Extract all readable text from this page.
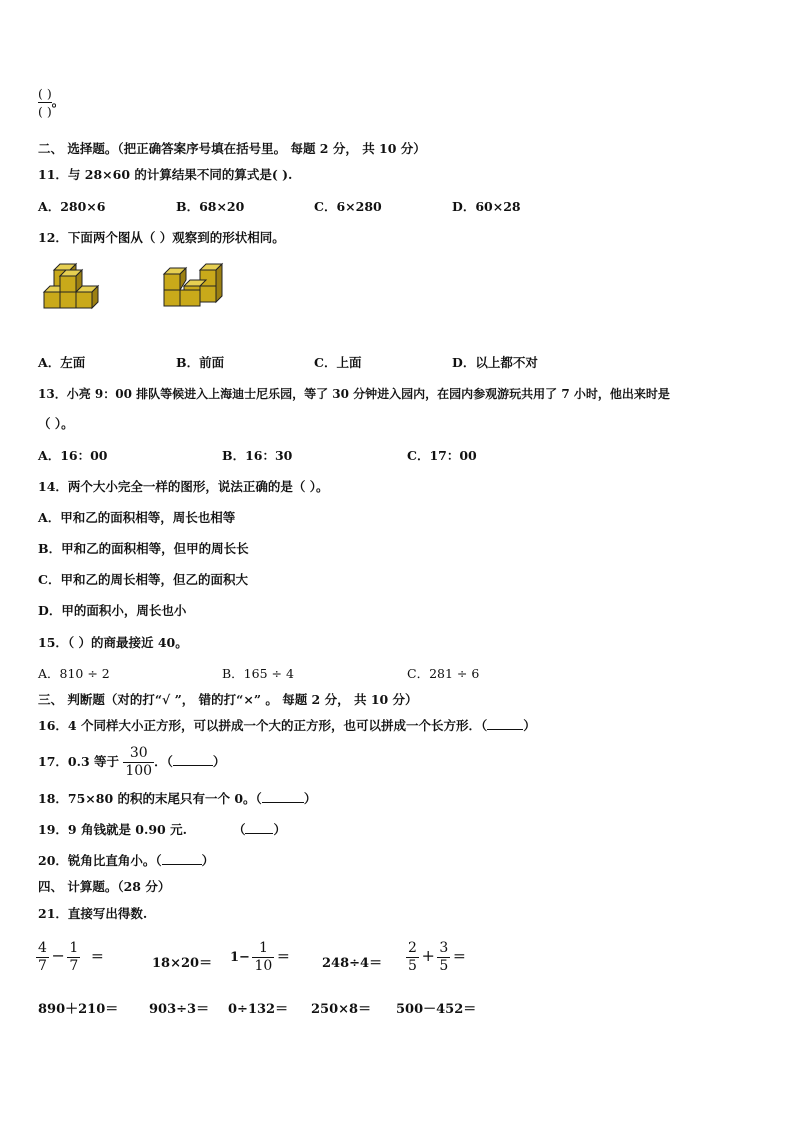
$\frac{( )}{( )}$ 。
二、 选择题。（把正确答案序号填在括号里。 每题 2 分， 共 10 分）
11．与 28×60 的计算结果不同的算式是( ).
A．280×6	B．68×20	C．6×280	D．60×28
12．下面两个图从（ ）观察到的形状相同。
A．左面	B．前面	C．上面	D．以上都不对
13．小亮 9：00 排队等候进入上海迪士尼乐园，等了 30 分钟进入园内，在园内参观游玩共用了 7 小时，他出来时是
（ ）。
A．16：00	B．16：30	C．17：00
14．两个大小完全一样的图形，说法正确的是（ ）。
A．甲和乙的面积相等，周长也相等
B．甲和乙的面积相等，但甲的周长长
C．甲和乙的周长相等，但乙的面积大
D．甲的面积小，周长也小
15．（ ）的商最接近 40。
A．810 ÷ 2	B．165 ÷ 4	C．281 ÷ 6
三、 判断题（对的打“√ ”， 错的打“×” 。 每题 2 分， 共 10 分）
16．4 个同样大小正方形，可以拼成一个大的正方形，也可以拼成一个长方形．（	）
17．0.3 等于 $\frac{30}{100}$ ．（	）
18．75×80 的积的末尾只有一个 0。（	）
19．9 角钱就是 0.90 元.	（ ）
20．锐角比直角小。（	）
四、 计算题。（28 分）
21．直接写出得数.
$\frac{4}{7} - \frac{1}{7}$ ＝	$18\times 20= 1- \frac{1}{10} = 248\div 4= \frac{2}{5} + \frac{3}{5}$ ＝
890＋210＝ 903÷3＝ 0÷132＝ 250×8＝ 500－452＝
